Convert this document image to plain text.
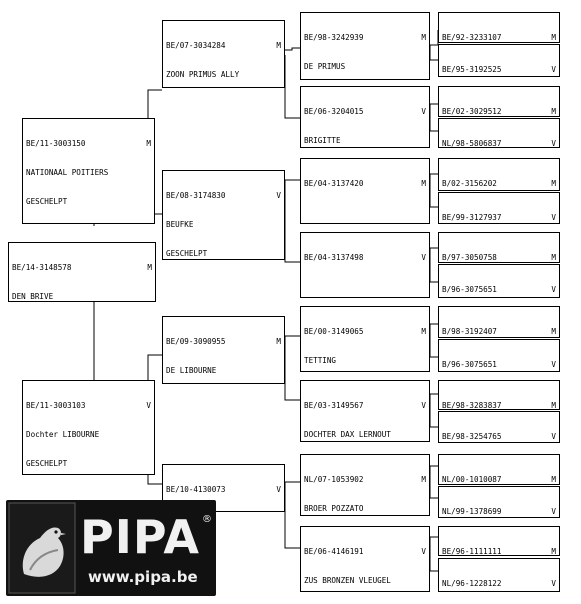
BE/14-3148578	M

DEN BRIVE

BE/11-3003150	M

NATIONAAL POITIERS

GESCHELPT

BE/11-3003103	V

Dochter LIBOURNE

GESCHELPT

BE/07-3034284	M

ZOON PRIMUS ALLY

BE/08-3174830	V

BEUFKE

GESCHELPT

BE/09-3090955	M

DE LIBOURNE

BE/10-4130073	V

BE/98-3242939	M

DE PRIMUS

BE/06-3204015	V

BRIGITTE

BE/04-3137420	M

BE/04-3137498	V

BE/00-3149065	M

TETTING

BE/03-3149567	V

DOCHTER DAX LERNOUT

NL/07-1053902	M

BROER POZZATO

BE/06-4146191	V

ZUS BRONZEN VLEUGEL

BE/92-3233107	M

BE/95-3192525	V

BE/02-3029512	M

NL/98-5806837	V

B/02-3156202	M

BE/99-3127937	V

B/97-3050758	M

B/96-3075651	V

B/98-3192407	M

B/96-3075651	V

BE/98-3283837	M

BE/98-3254765	V

NL/00-1010087	M

NL/99-1378699	V

BE/96-1111111	M

NL/96-1228122	V

PIPA ®
www.pipa.be
